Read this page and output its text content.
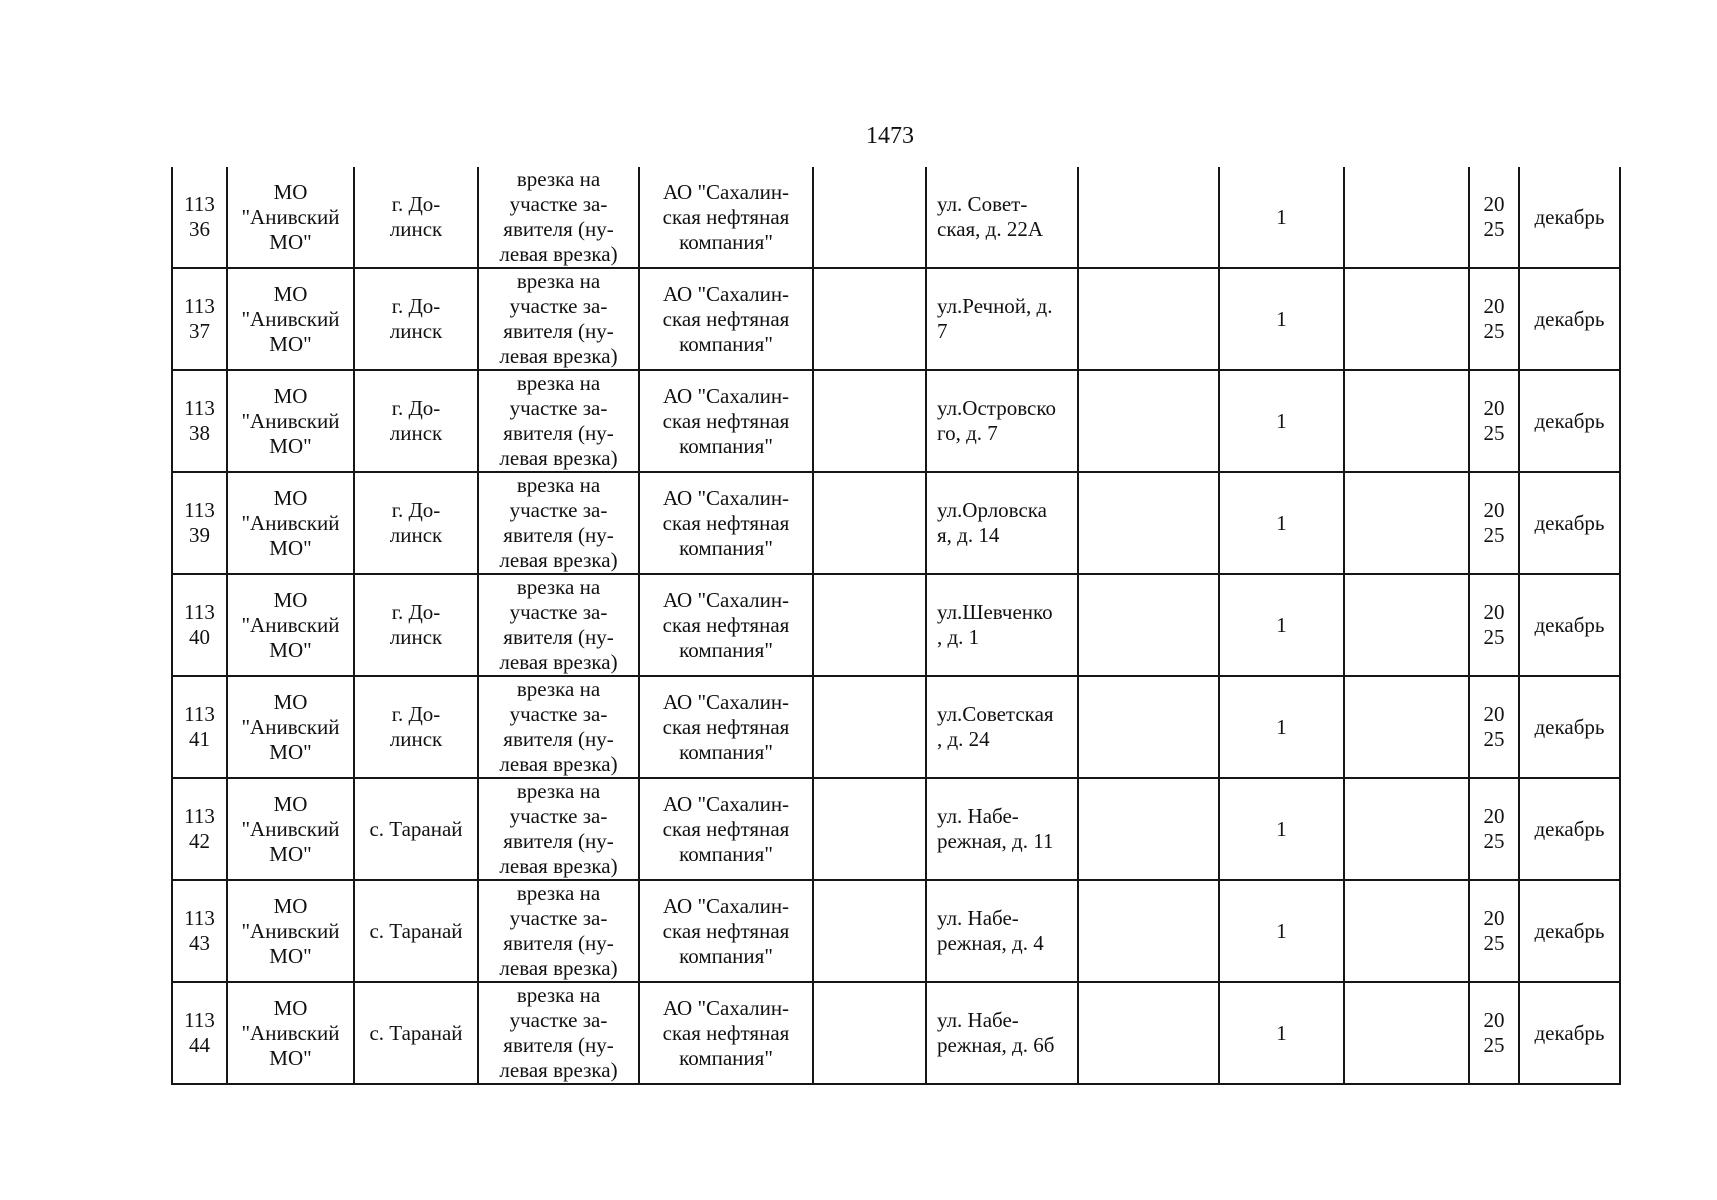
1473
113
36	МО
"Анивский
МО"	г. До-
линск	врезка на
участке за-
явителя (ну-
левая врезка)	АО "Сахалин-
ская нефтяная
компания"		ул. Совет-
ская, д. 22А		1		20
25	декабрь

113
37	МО
"Анивский
МО"	г. До-
линск	врезка на
участке за-
явителя (ну-
левая врезка)	АО "Сахалин-
ская нефтяная
компания"		ул.Речной, д.
7		1		20
25	декабрь

113
38	МО
"Анивский
МО"	г. До-
линск	врезка на
участке за-
явителя (ну-
левая врезка)	АО "Сахалин-
ская нефтяная
компания"		ул.Островско
го, д. 7		1		20
25	декабрь

113
39	МО
"Анивский
МО"	г. До-
линск	врезка на
участке за-
явителя (ну-
левая врезка)	АО "Сахалин-
ская нефтяная
компания"		ул.Орловска
я, д. 14		1		20
25	декабрь

113
40	МО
"Анивский
МО"	г. До-
линск	врезка на
участке за-
явителя (ну-
левая врезка)	АО "Сахалин-
ская нефтяная
компания"		ул.Шевченко
, д. 1		1		20
25	декабрь

113
41	МО
"Анивский
МО"	г. До-
линск	врезка на
участке за-
явителя (ну-
левая врезка)	АО "Сахалин-
ская нефтяная
компания"		ул.Советская
, д. 24		1		20
25	декабрь

113
42	МО
"Анивский
МО"	с. Таранай	врезка на
участке за-
явителя (ну-
левая врезка)	АО "Сахалин-
ская нефтяная
компания"		ул. Набе-
режная, д. 11		1		20
25	декабрь

113
43	МО
"Анивский
МО"	с. Таранай	врезка на
участке за-
явителя (ну-
левая врезка)	АО "Сахалин-
ская нефтяная
компания"		ул. Набе-
режная, д. 4		1		20
25	декабрь

113
44	МО
"Анивский
МО"	с. Таранай	врезка на
участке за-
явителя (ну-
левая врезка)	АО "Сахалин-
ская нефтяная
компания"		ул. Набе-
режная, д. 6б		1		20
25	декабрь
